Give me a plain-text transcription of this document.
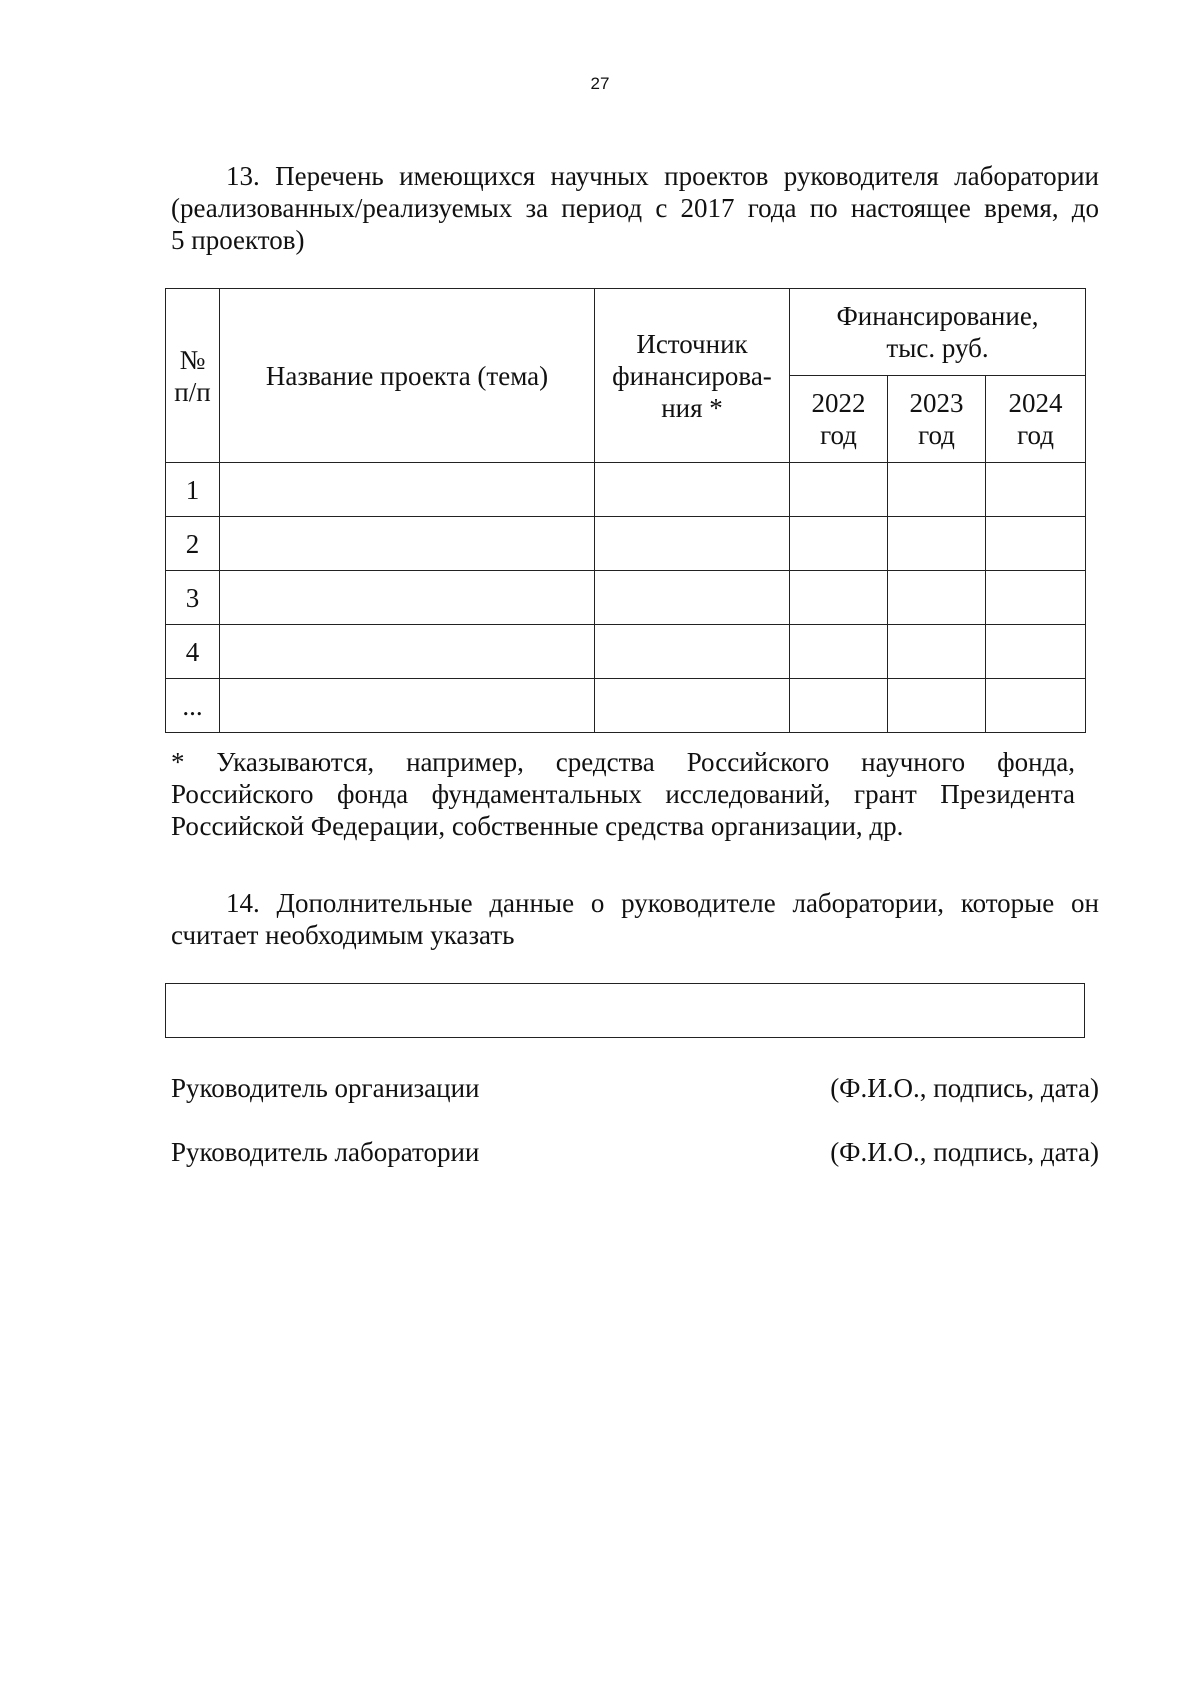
27
13. Перечень имеющихся научных проектов руководителя лаборатории
(реализованных/реализуемых за период с 2017 года по настоящее время, до
5 проектов)
№ п/п	Название проекта (тема)	Источник финансирова- ния *	Финансирование, тыс. руб.		
			2022 год	2023 год	2024 год
1					
2					
3					
4					
...					
* Указываются, например, средства Российского научного фонда,
Российского фонда фундаментальных исследований, грант Президента
Российской Федерации, собственные средства организации, др.
14. Дополнительные данные о руководителе лаборатории, которые он
считает необходимым указать
Руководитель организации	(Ф.И.О., подпись, дата)
Руководитель лаборатории	(Ф.И.О., подпись, дата)
